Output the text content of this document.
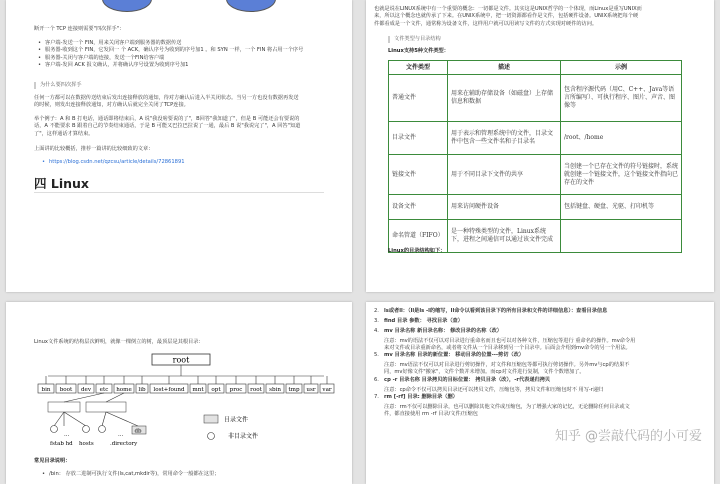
断开一个 TCP 连接则需要"四次挥手"：
• 客户端-发送一个 FIN，用来关闭客户端到服务器的数据传送
• 服务器-收到这个 FIN，它发回一 个 ACK，确认序号为收到的序号加1 。和 SYN 一样，一个 FIN 将占用一个序号
• 服务器-关闭与客户端的连接，发送一个FIN给客户端
• 客户端-发回 ACK 报文确认，并将确认序号设置为收到序号加1
为什么要四次挥手
任何一方都可以在数据传送结束后发出连接释放的通知，待对方确认后进入半关闭状态。当另一方也没有数据再发送
的时候，则发出连接释放通知，对方确认后就完全关闭了TCP连接。
举个例子：A 和 B 打电话，通话即将结束后，A 说"我没啥要说的了"，B回答"我知道了"，但是 B 可能还会有要说的
话，A 不能要求 B 跟着自己的节奏结束通话，于是 B 可能又巴拉巴拉说了一通，最后 B 说"我说完了"，A 回答"知道
了"，这样通话才算结束。
上面讲的比较概括，推荐一篇讲的比较细致的文章：
• https://blog.csdn.net/qzcsu/article/details/72861891
四 Linux
也就是说在LINUX系统中有一个重要的概念：一切都是文件。其实这是UNIX哲学的一个体现，而Linux是重写UNIX而
来，所以这个概念也就传承了下来。在UNIX系统中，把一切资源都看作是文件，包括硬件设备。UNIX系统把每个硬
件都看成是一个文件，通常称为设备文件，这样用户就可以用读写文件的方式实现对硬件的访问。
文件类型与目录结构
Linux支持5种文件类型：
文件类型	描述	示例
普通文件	用来在辅助存储设备（如磁盘）上存储信息和数据	包含程序源代码（用C、C++、Java等语言所编写）、可执行程序、图片、声音、图像等
目录文件	用于表示和管理系统中的文件，目录文件中包含一些文件名和子目录名	/root、/home
链接文件	用于不同目录下文件的共享	当创建一个已存在文件的符号链接时，系统就创建一个链接文件，这个链接文件指向已存在的文件
设备文件	用来访问硬件设备	包括键盘、硬盘、光驱、打印机等
命名管道（FIFO）	是一种特殊类型的文件，Linux系统下，进程之间通信可以通过该文件完成	
Linux的目录结构如下：
Linux文件系统的结构层次鲜明，就像一棵倒立的树，最顶层是其根目录：
root
bin boot dev etc home lib lost+found mnt opt proc root sbin tmp usr var
fstab hd
...
hosts	.directory
db
...
目录文件
非目录文件
常见目录说明：
• /bin： 存放二进制可执行文件(ls,cat,mkdir等)，常用命令一般都在这里；
2. ls或者ll：（ll是ls -l的缩写，ll命令以看到该目录下的所有目录和文件的详细信息）：查看目录信息
3. find 目录 参数： 寻找目录（查）
4. mv 目录名称 新目录名称： 修改目录的名称（改）
注意：mv的语法不仅可以对目录进行重命名而且也可以对各种文件，压缩包等进行 重命名的操作。mv命令用
来对文件或目录重新命名，或者将文件从一个目录移到另一个目录中。后面会介绍到mv命令的另一个用法。
5. mv 目录名称 目录的新位置： 移动目录的位置---剪切（改）
注意：mv语法不仅可以对目录进行剪切操作，对文件和压缩包等都可执行剪切操作。另外mv与cp的结果不
同，mv好像文件"搬家"，文件个数并未增加。而cp对文件进行复制，文件个数增加了。
6. cp -r 目录名称 目录拷贝的目标位置： 拷贝目录（改），-r代表递归拷贝
注意：cp命令不仅可以拷贝目录还可以拷贝文件，压缩包等，拷贝文件和压缩包时不 用写-r递归
7. rm [-rf] 目录: 删除目录（删）
注意：rm不仅可以删除目录，也可以删除其他文件或压缩包，为了增强大家的记忆，无论删除任何目录或文
件，都直接使用 rm -rf 目录/文件/压缩包
知乎 @尝敲代码的小可爱
